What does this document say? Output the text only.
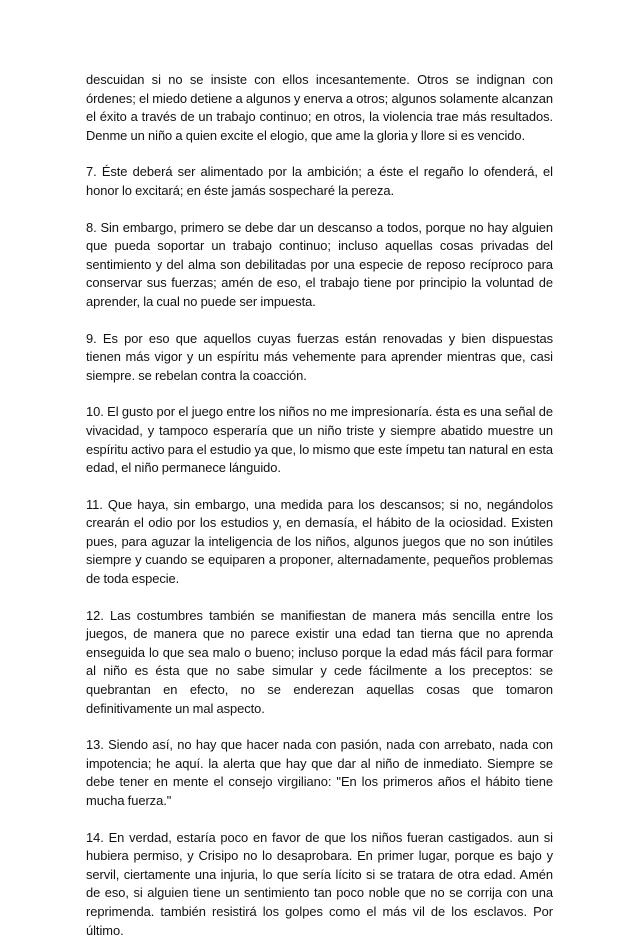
descuidan si no se insiste con ellos incesantemente. Otros se indignan con órdenes; el miedo detiene a algunos y enerva a otros; algunos solamente alcanzan el éxito a través de un trabajo continuo; en otros, la violencia trae más resultados. Denme un niño a quien excite el elogio, que ame la gloria y llore si es vencido.

7. Éste deberá ser alimentado por la ambición; a éste el regaño lo ofenderá, el honor lo excitará; en éste jamás sospecharé la pereza.

8. Sin embargo, primero se debe dar un descanso a todos, porque no hay alguien que pueda soportar un trabajo continuo; incluso aquellas cosas privadas del sentimiento y del alma son debilitadas por una especie de reposo recíproco para conservar sus fuerzas; amén de eso, el trabajo tiene por principio la voluntad de aprender, la cual no puede ser impuesta.

9. Es por eso que aquellos cuyas fuerzas están renovadas y bien dispuestas tienen más vigor y un espíritu más vehemente para aprender mientras que, casi siempre. se rebelan contra la coacción.

10. El gusto por el juego entre los niños no me impresionaría. ésta es una señal de vivacidad, y tampoco esperaría que un niño triste y siempre abatido muestre un espíritu activo para el estudio ya que, lo mismo que este ímpetu tan natural en esta edad, el niño permanece lánguido.

11. Que haya, sin embargo, una medida para los descansos; si no, negándolos crearán el odio por los estudios y, en demasía, el hábito de la ociosidad. Existen pues, para aguzar la inteligencia de los niños, algunos juegos que no son inútiles siempre y cuando se equiparen a proponer, alternadamente, pequeños problemas de toda especie.

12. Las costumbres también se manifiestan de manera más sencilla entre los juegos, de manera que no parece existir una edad tan tierna que no aprenda enseguida lo que sea malo o bueno; incluso porque la edad más fácil para formar al niño es ésta que no sabe simular y cede fácilmente a los preceptos: se quebrantan en efecto, no se enderezan aquellas cosas que tomaron definitivamente un mal aspecto.

13. Siendo así, no hay que hacer nada con pasión, nada con arrebato, nada con impotencia; he aquí. la alerta que hay que dar al niño de inmediato. Siempre se debe tener en mente el consejo virgiliano: "En los primeros años el hábito tiene mucha fuerza."

14. En verdad, estaría poco en favor de que los niños fueran castigados. aun si hubiera permiso, y Crisipo no lo desaprobara. En primer lugar, porque es bajo y servil, ciertamente una injuria, lo que sería lícito si se tratara de otra edad. Amén de eso, si alguien tiene un sentimiento tan poco noble que no se corrija con una reprimenda. también resistirá los golpes como el más vil de los esclavos. Por último.
